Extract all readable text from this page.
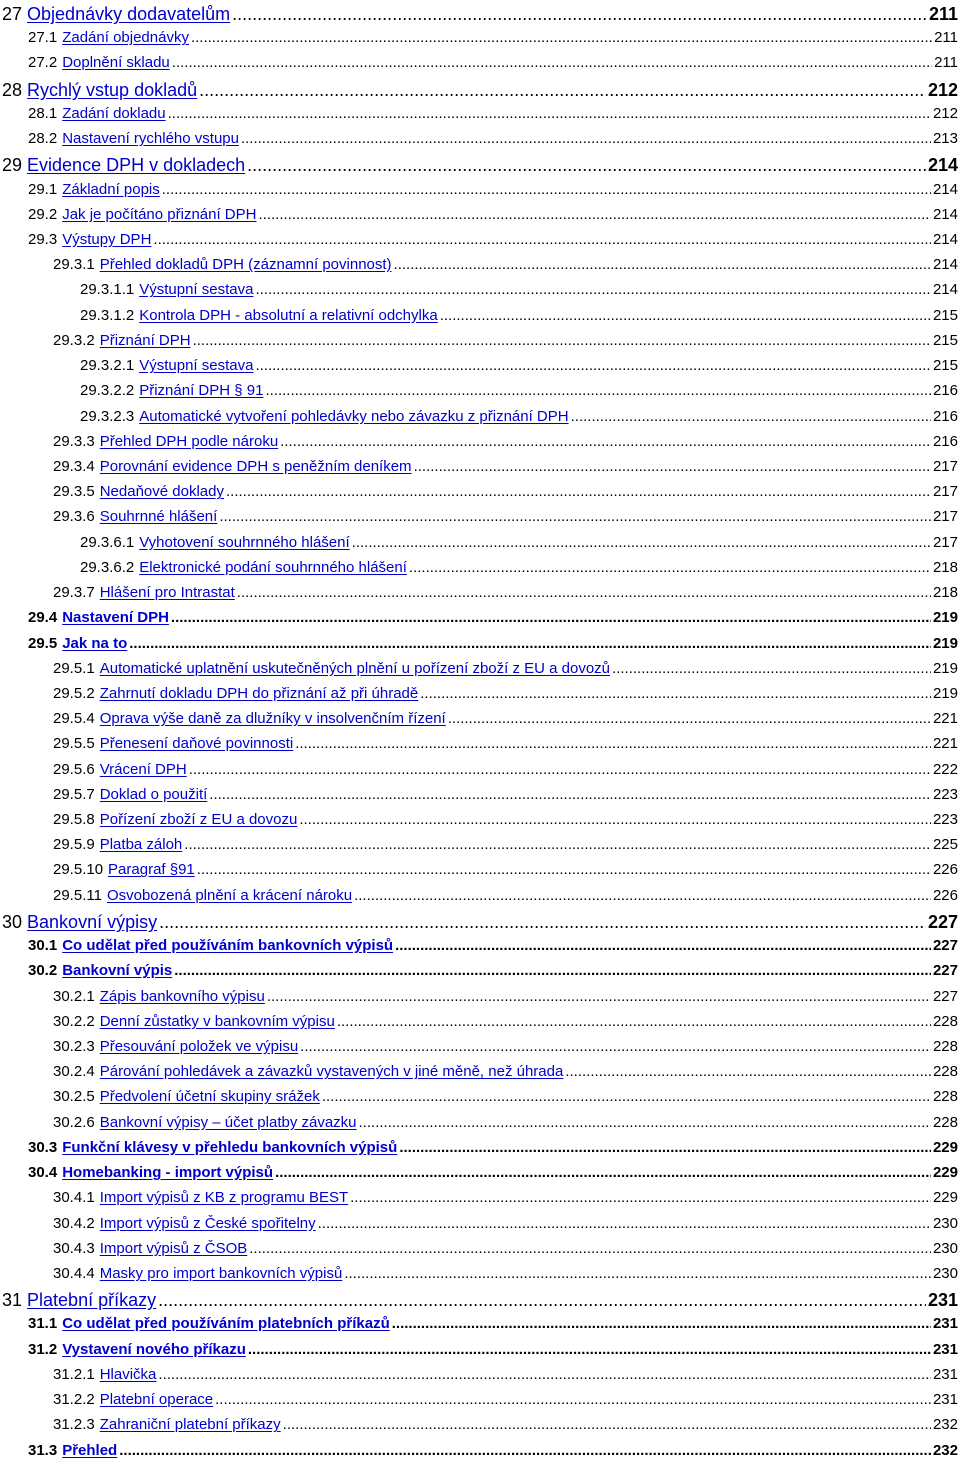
27 Objednávky dodavatelům .....	211
27.1 Zadání objednávky .....	211
27.2 Doplnění skladu .....	211
28 Rychlý vstup dokladů .....	212
28.1 Zadání dokladu .....	212
28.2 Nastavení rychlého vstupu .....	213
29 Evidence DPH v dokladech .....	214
29.1 Základní popis .....	214
29.2 Jak je počítáno přiznání DPH .....	214
29.3 Výstupy DPH .....	214
29.3.1 Přehled dokladů DPH (záznamní povinnost) .....	214
29.3.1.1 Výstupní sestava .....	214
29.3.1.2 Kontrola DPH - absolutní a relativní odchylka .....	215
29.3.2 Přiznání DPH .....	215
29.3.2.1 Výstupní sestava .....	215
29.3.2.2 Přiznání DPH § 91 .....	216
29.3.2.3 Automatické vytvoření pohledávky nebo závazku z přiznání DPH .....	216
29.3.3 Přehled DPH podle nároku .....	216
29.3.4 Porovnání evidence DPH s peněžním deníkem .....	217
29.3.5 Nedaňové doklady .....	217
29.3.6 Souhrnné hlášení .....	217
29.3.6.1 Vyhotovení souhrnného hlášení .....	217
29.3.6.2 Elektronické podání souhrnného hlášení .....	218
29.3.7 Hlášení pro Intrastat .....	218
29.4 Nastavení DPH .....	219
29.5 Jak na to .....	219
29.5.1 Automatické uplatnění uskutečněných plnění u pořízení zboží z EU a dovozů .....	219
29.5.2 Zahrnutí dokladu DPH do přiznání až při úhradě .....	219
29.5.4 Oprava výše daně za dlužníky v insolvenčním řízení .....	221
29.5.5 Přenesení daňové povinnosti .....	221
29.5.6 Vrácení DPH .....	222
29.5.7 Doklad o použití .....	223
29.5.8 Pořízení zboží z EU a dovozu .....	223
29.5.9 Platba záloh .....	225
29.5.10 Paragraf §91 .....	226
29.5.11 Osvobozená plnění a krácení nároku .....	226
30 Bankovní výpisy .....	227
30.1 Co udělat před používáním bankovních výpisů .....	227
30.2 Bankovní výpis .....	227
30.2.1 Zápis bankovního výpisu .....	227
30.2.2 Denní zůstatky v bankovním výpisu .....	228
30.2.3 Přesouvání položek ve výpisu .....	228
30.2.4 Párování pohledávek a závazků vystavených v jiné měně, než úhrada .....	228
30.2.5 Předvolení účetní skupiny srážek .....	228
30.2.6 Bankovní výpisy – účet platby závazku .....	228
30.3 Funkční klávesy v přehledu bankovních výpisů .....	229
30.4 Homebanking - import výpisů .....	229
30.4.1 Import výpisů z KB z programu BEST .....	229
30.4.2 Import výpisů z České spořitelny .....	230
30.4.3 Import výpisů z ČSOB .....	230
30.4.4 Masky pro import bankovních výpisů .....	230
31 Platební příkazy .....	231
31.1 Co udělat před používáním platebních příkazů .....	231
31.2 Vystavení nového příkazu .....	231
31.2.1 Hlavička .....	231
31.2.2 Platební operace .....	231
31.2.3 Zahraniční platební příkazy .....	232
31.3 Přehled .....	232
